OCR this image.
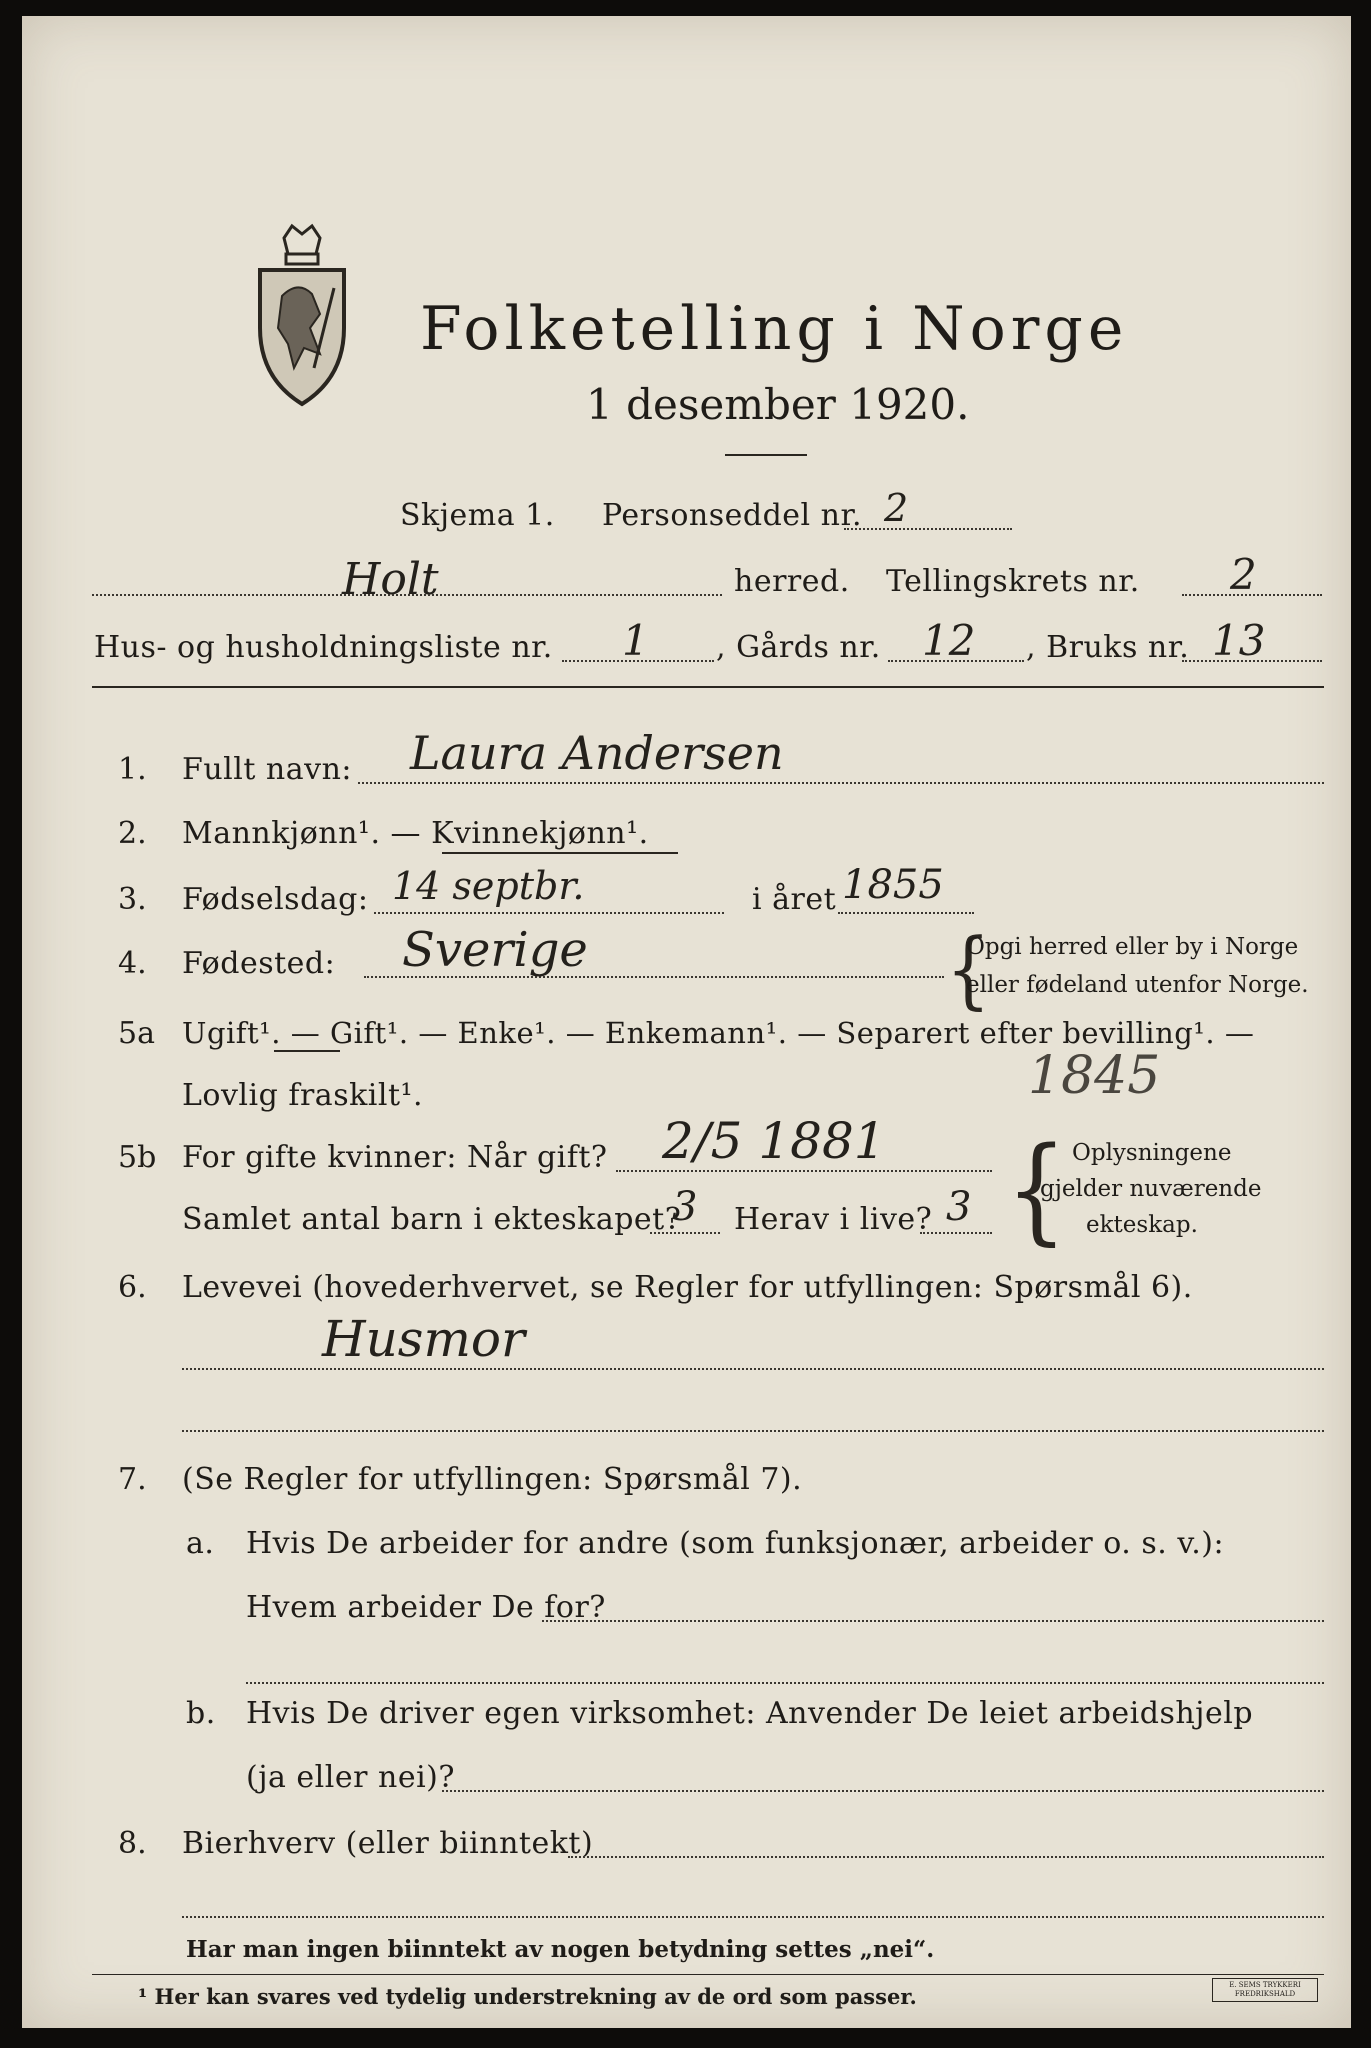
Folketelling i Norge
1 desember 1920.
Skjema 1. Personseddel nr. 2
Holt	herred. Tellingskrets nr. 2
Hus- og husholdningsliste nr. 1 , Gårds nr. 12 , Bruks nr. 13
1. Fullt navn: Laura Andersen
2. Mannkjønn¹. — Kvinnekjønn¹.
3. Fødselsdag: 14 septbr.	i året 1855
4. Fødested: Sverige	{
Opgi herred eller by i Norge
eller fødeland utenfor Norge.
5a Ugift¹. — Gift¹. — Enke¹. — Enkemann¹. — Separert efter bevilling¹. —
Lovlig fraskilt¹.	1845
5b For gifte kvinner: Når gift? 2/5 1881
Samlet antal barn i ekteskapet?
3 Herav i live? 3 { Oplysningene
gjelder nuværende
ekteskap.
6. Levevei (hovederhvervet, se Regler for utfyllingen: Spørsmål 6).
Husmor
7. (Se Regler for utfyllingen: Spørsmål 7).
a. Hvis De arbeider for andre (som funksjonær, arbeider o. s. v.):
Hvem arbeider De for?
b. Hvis De driver egen virksomhet: Anvender De leiet arbeidshjelp
(ja eller nei)?
8. Bierhverv (eller biinntekt)
Har man ingen biinntekt av nogen betydning settes „nei“.
¹ Her kan svares ved tydelig understrekning av de ord som passer.	E. SEMS TRYKKERI FREDRIKSHALD
